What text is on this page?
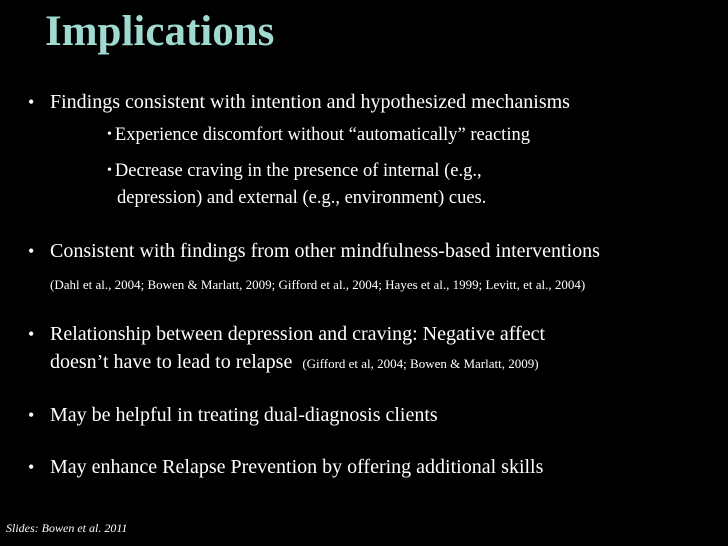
Implications
• Findings consistent with intention and hypothesized mechanisms
• Experience discomfort without “automatically” reacting
• Decrease craving in the presence of internal (e.g.,
depression) and external (e.g., environment) cues.
• Consistent with findings from other mindfulness-based interventions
(Dahl et al., 2004; Bowen & Marlatt, 2009; Gifford et al., 2004; Hayes et al., 1999; Levitt, et al., 2004)
• Relationship between depression and craving: Negative affect
doesn’t have to lead to relapse (Gifford et al, 2004; Bowen & Marlatt, 2009)
• May be helpful in treating dual-diagnosis clients
• May enhance Relapse Prevention by offering additional skills
Slides: Bowen et al. 2011
